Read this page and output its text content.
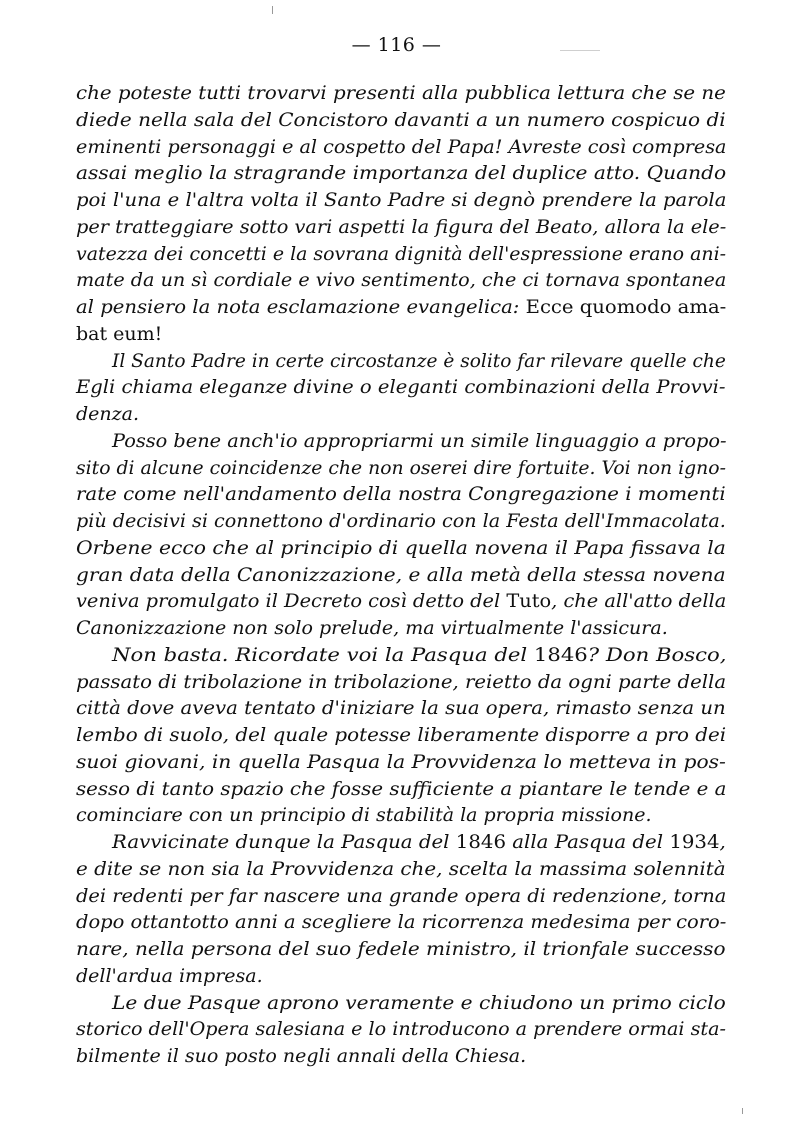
— 116 —
che poteste tutti trovarvi presenti alla pubblica lettura che se ne
diede nella sala del Concistoro davanti a un numero cospicuo di
eminenti personaggi e al cospetto del Papa! Avreste così compresa
assai meglio la stragrande importanza del duplice atto. Quando
poi l'una e l'altra volta il Santo Padre si degnò prendere la parola
per tratteggiare sotto vari aspetti la figura del Beato, allora la ele-
vatezza dei concetti e la sovrana dignità dell'espressione erano ani-
mate da un sì cordiale e vivo sentimento, che ci tornava spontanea
al pensiero la nota esclamazione evangelica: Ecce quomodo ama-
bat eum!
Il Santo Padre in certe circostanze è solito far rilevare quelle che
Egli chiama eleganze divine o eleganti combinazioni della Provvi-
denza.
Posso bene anch'io appropriarmi un simile linguaggio a propo-
sito di alcune coincidenze che non oserei dire fortuite. Voi non igno-
rate come nell'andamento della nostra Congregazione i momenti
più decisivi si connettono d'ordinario con la Festa dell'Immacolata.
Orbene ecco che al principio di quella novena il Papa fissava la
gran data della Canonizzazione, e alla metà della stessa novena
veniva promulgato il Decreto così detto del Tuto, che all'atto della
Canonizzazione non solo prelude, ma virtualmente l'assicura.
Non basta. Ricordate voi la Pasqua del 1846? Don Bosco,
passato di tribolazione in tribolazione, reietto da ogni parte della
città dove aveva tentato d'iniziare la sua opera, rimasto senza un
lembo di suolo, del quale potesse liberamente disporre a pro dei
suoi giovani, in quella Pasqua la Provvidenza lo metteva in pos-
sesso di tanto spazio che fosse sufficiente a piantare le tende e a
cominciare con un principio di stabilità la propria missione.
Ravvicinate dunque la Pasqua del 1846 alla Pasqua del 1934,
e dite se non sia la Provvidenza che, scelta la massima solennità
dei redenti per far nascere una grande opera di redenzione, torna
dopo ottantotto anni a scegliere la ricorrenza medesima per coro-
nare, nella persona del suo fedele ministro, il trionfale successo
dell'ardua impresa.
Le due Pasque aprono veramente e chiudono un primo ciclo
storico dell'Opera salesiana e lo introducono a prendere ormai sta-
bilmente il suo posto negli annali della Chiesa.
